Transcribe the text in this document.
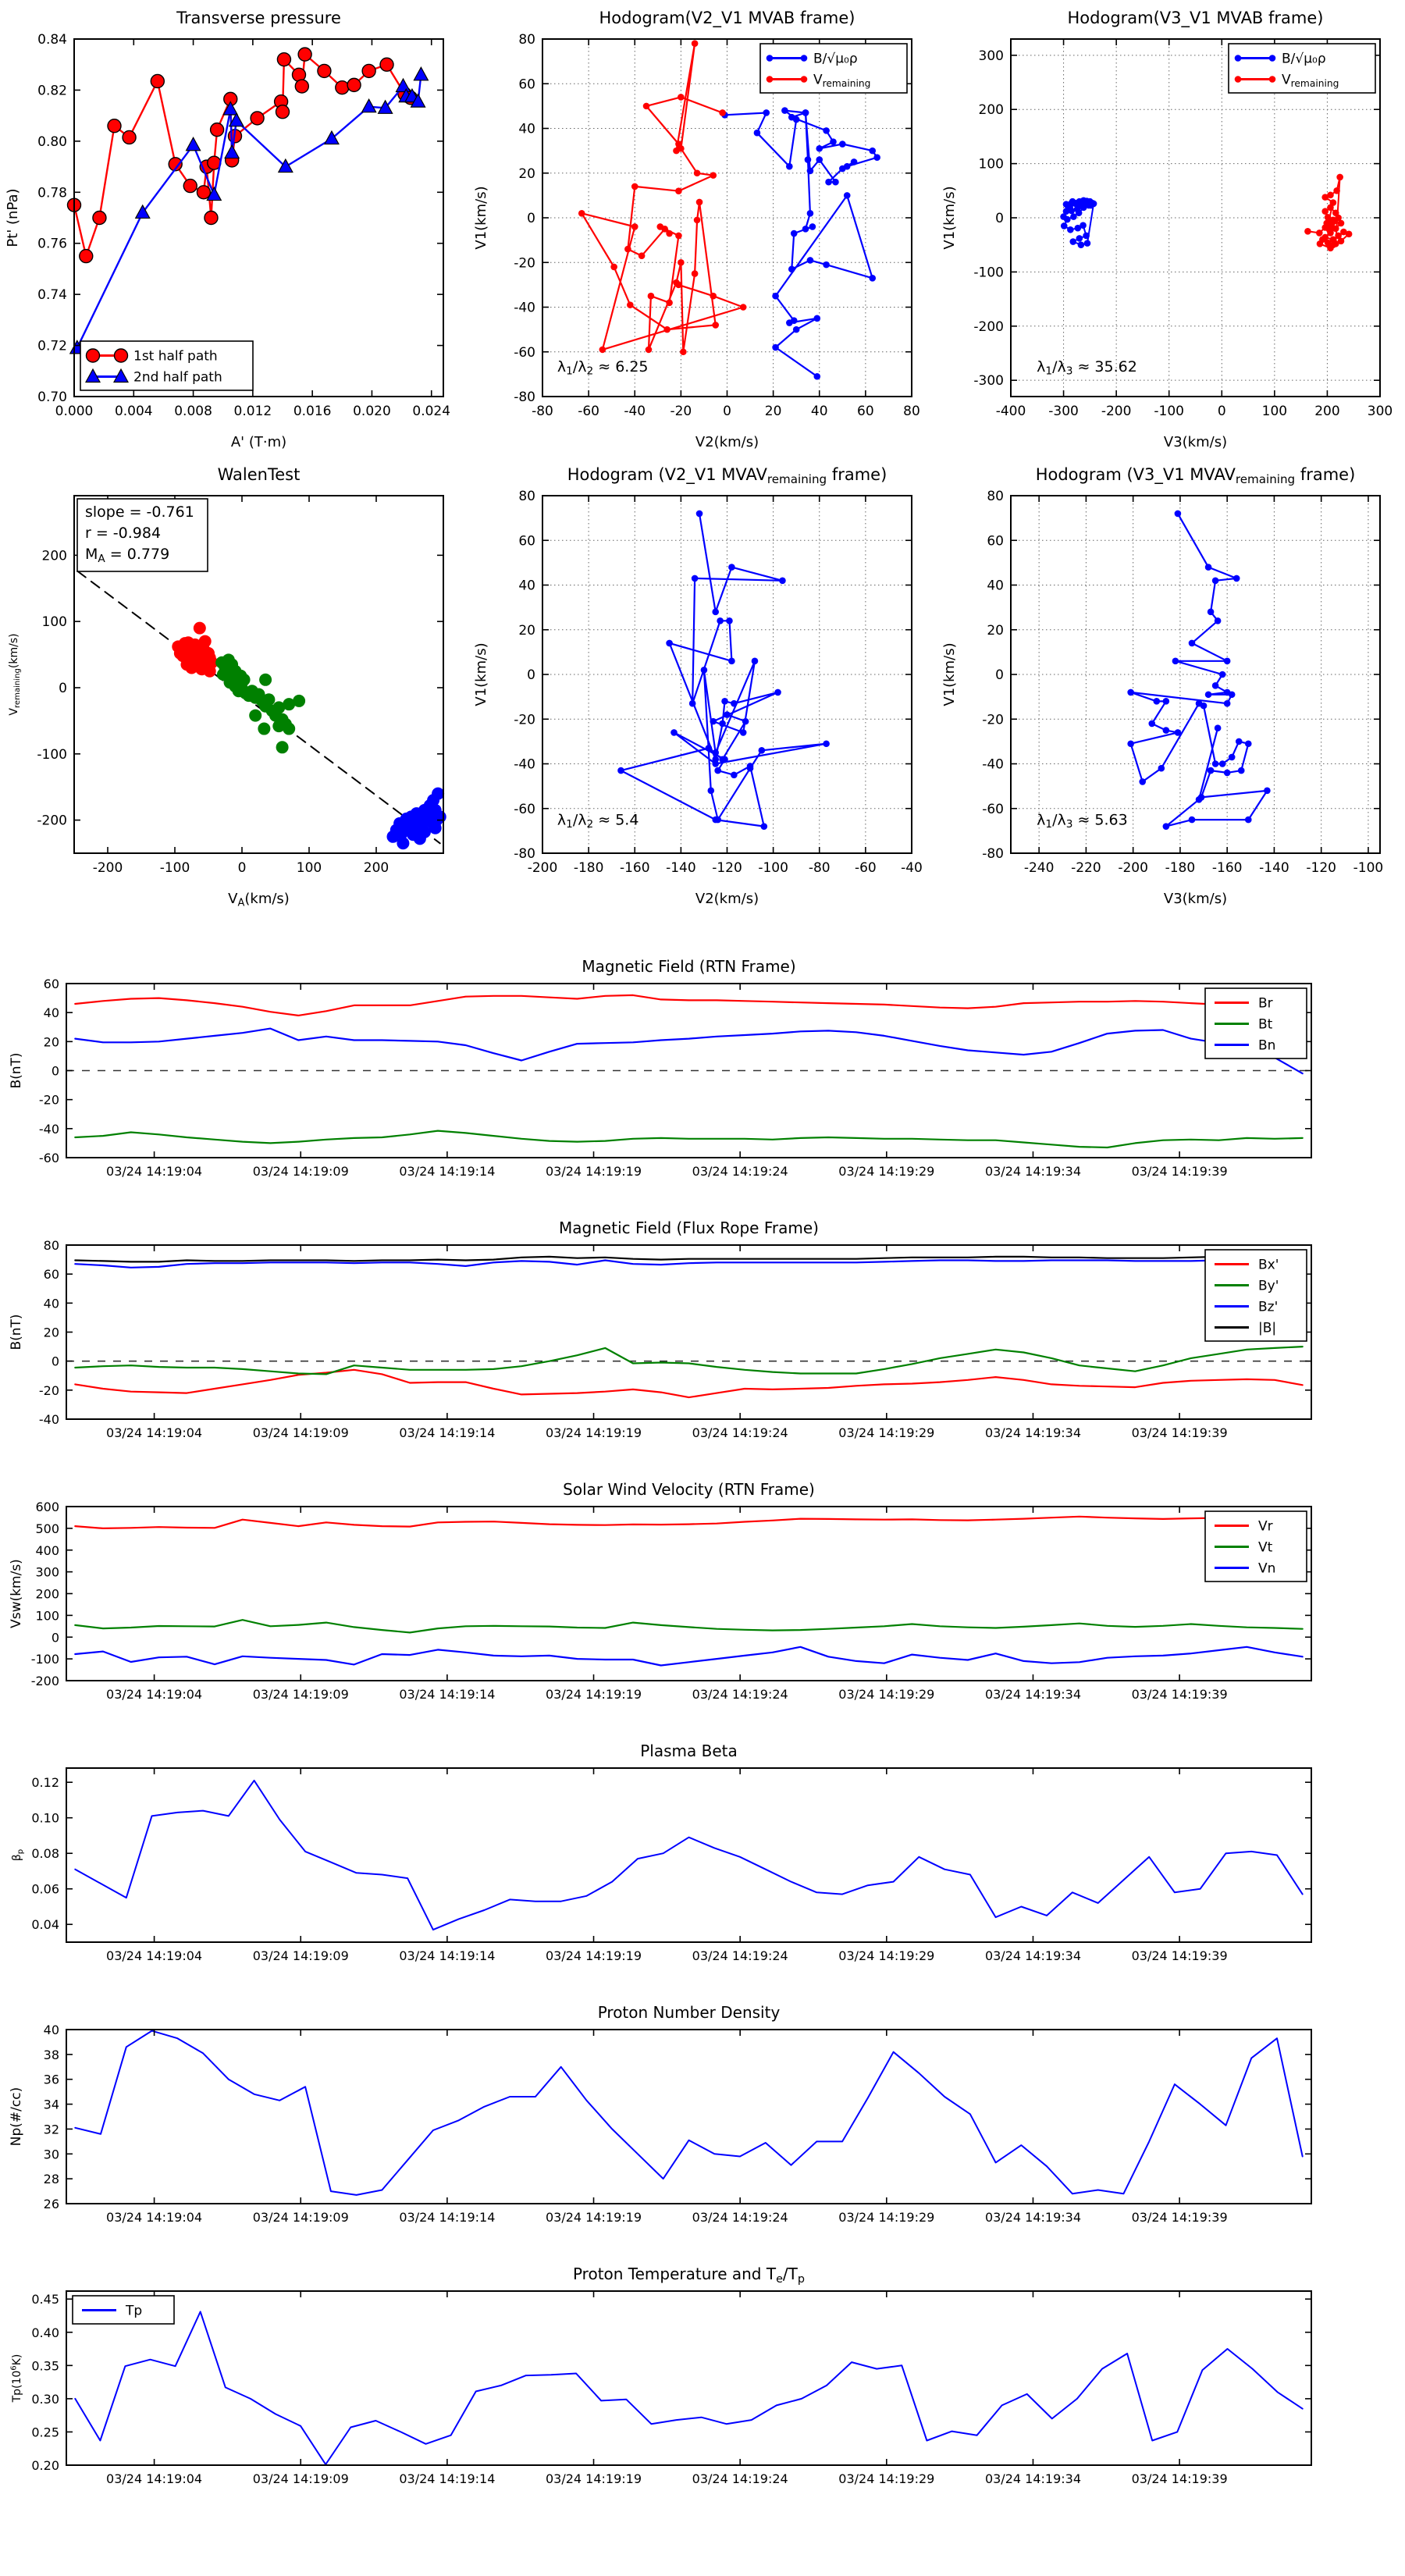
0.000 0.004 0.008 0.012 0.016 0.020 0.024
0.70
0.72
0.74
0.76
0.78
0.80
0.82
0.84
Transverse pressure
A' (T·m)
Pt' (nPa)
1st half path
2nd half path
-80 -60 -40 -20 0	20 40 60 80
-80
-60
-40
-20
0
20
40
60
80
Hodogram(V2_V1 MVAB frame)
V2(km/s)
V1(km/s)
λ1/λ2 ≈ 6.25
B/√μ₀ρ
Vremaining
-400 -300 -200 -100	0	100 200 300
-300
-200
-100
0
100
200
300
Hodogram(V3_V1 MVAB frame)
V3(km/s)
V1(km/s)
λ1/λ3 ≈ 35.62
B/√μ₀ρ
Vremaining
-200	-100	0	100	200
-200
-100
0
100
200
WalenTest
$V_A(km/s)$
Vremaining(km/s)
slope = -0.761
r = -0.984
MA = 0.779
-200 -180 -160 -140 -120 -100 -80 -60 -40
-80
-60
-40
-20
0
20
40
60
80
Hodogram (V2_V1 $MVAV_{remaining}$ frame)
V2(km/s)
V1(km/s)
λ1/λ2 ≈ 5.4
-240 -220 -200 -180 -160 -140 -120 -100
-80
-60
-40
-20
0
20
40
60
80
Hodogram (V3_V1 $MVAV_{remaining}$ frame)
V3(km/s)
V1(km/s)
λ1/λ3 ≈ 5.63
03/24 14:19:04	03/24 14:19:09	03/24 14:19:14	03/24 14:19:19	03/24 14:19:24	03/24 14:19:29	03/24 14:19:34	03/24 14:19:39
-60
-40
-20
0
20
40
60
Magnetic Field (RTN Frame)
B(nT)
Br
Bt
Bn
03/24 14:19:04	03/24 14:19:09	03/24 14:19:14	03/24 14:19:19	03/24 14:19:24	03/24 14:19:29	03/24 14:19:34	03/24 14:19:39
-40
-20
0
20
40
60
80
Magnetic Field (Flux Rope Frame)
B(nT)
Bx'
By'
Bz'
|B|
03/24 14:19:04	03/24 14:19:09	03/24 14:19:14	03/24 14:19:19	03/24 14:19:24	03/24 14:19:29	03/24 14:19:34	03/24 14:19:39
-200
-100
0
100
200
300
400
500
600
Solar Wind Velocity (RTN Frame)
Vsw(km/s)
Vr
Vt
Vn
03/24 14:19:04	03/24 14:19:09	03/24 14:19:14	03/24 14:19:19	03/24 14:19:24	03/24 14:19:29	03/24 14:19:34	03/24 14:19:39
0.04
0.06
0.08
0.10
0.12
Plasma Beta
βp
03/24 14:19:04	03/24 14:19:09	03/24 14:19:14	03/24 14:19:19	03/24 14:19:24	03/24 14:19:29	03/24 14:19:34	03/24 14:19:39
26
28
30
32
34
36
38
40
Proton Number Density
Np(#/cc)
03/24 14:19:04	03/24 14:19:09	03/24 14:19:14	03/24 14:19:19	03/24 14:19:24	03/24 14:19:29	03/24 14:19:34	03/24 14:19:39
0.20
0.25
0.30
0.35
0.40
0.45
Proton Temperature and $T_e/T_p$
$Tp(10^6K)$
Tp
